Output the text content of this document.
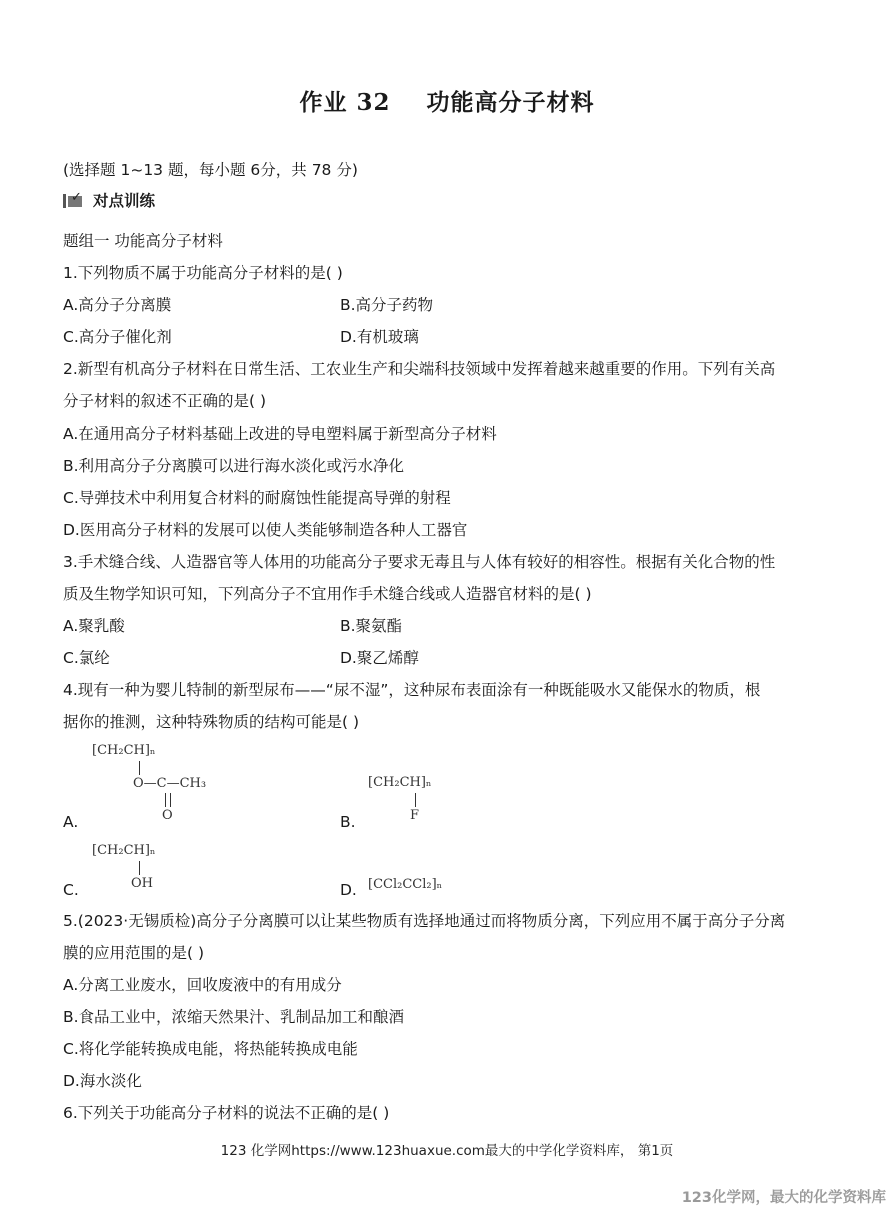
作业 32    功能高分子材料
(选择题 1~13 题，每小题 6分，共 78 分)
✓ 对点训练
题组一 功能高分子材料
1.下列物质不属于功能高分子材料的是( )
A.高分子分离膜	B.高分子药物
C.高分子催化剂	D.有机玻璃
2.新型有机高分子材料在日常生活、工农业生产和尖端科技领域中发挥着越来越重要的作用。下列有关高
分子材料的叙述不正确的是( )
A.在通用高分子材料基础上改进的导电塑料属于新型高分子材料
B.利用高分子分离膜可以进行海水淡化或污水净化
C.导弹技术中利用复合材料的耐腐蚀性能提高导弹的射程
D.医用高分子材料的发展可以使人类能够制造各种人工器官
3.手术缝合线、人造器官等人体用的功能高分子要求无毒且与人体有较好的相容性。根据有关化合物的性
质及生物学知识可知，下列高分子不宜用作手术缝合线或人造器官材料的是( )
A.聚乳酸	B.聚氨酯
C.氯纶	D.聚乙烯醇
4.现有一种为婴儿特制的新型尿布——“尿不湿”，这种尿布表面涂有一种既能吸水又能保水的物质，根
据你的推测，这种特殊物质的结构可能是( )
[CH₂CH]ₙ
O—C—CH₃
O
A.
[CH₂CH]ₙ
F
B.
[CH₂CH]ₙ
OH
C.	D. [CCl₂CCl₂]ₙ
5.(2023·无锡质检)高分子分离膜可以让某些物质有选择地通过而将物质分离，下列应用不属于高分子分离
膜的应用范围的是( )
A.分离工业废水，回收废液中的有用成分
B.食品工业中，浓缩天然果汁、乳制品加工和酿酒
C.将化学能转换成电能，将热能转换成电能
D.海水淡化
6.下列关于功能高分子材料的说法不正确的是( )
123 化学网https://www.123huaxue.com最大的中学化学资料库， 第1页
123化学网，最大的化学资料库
